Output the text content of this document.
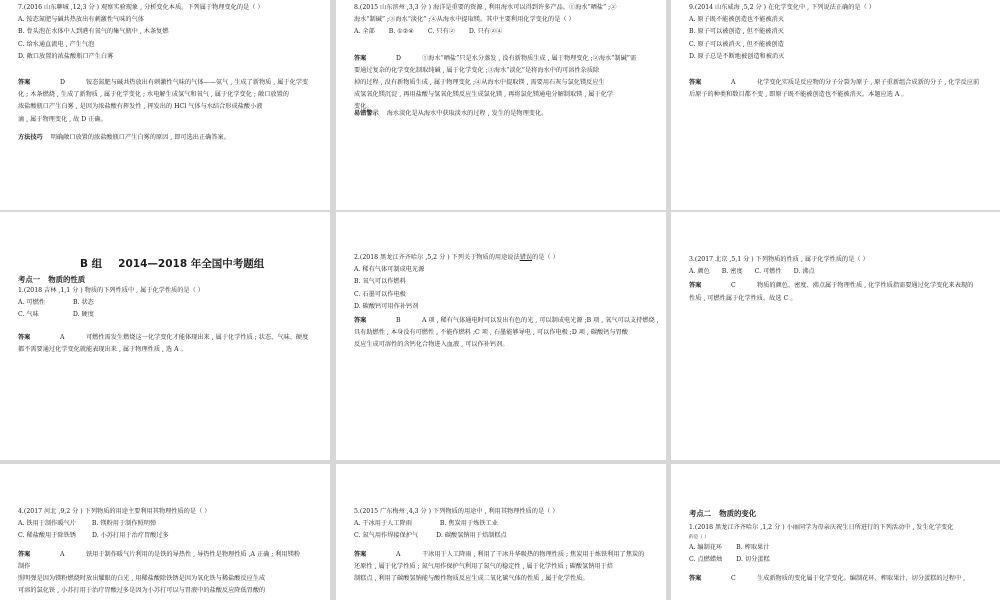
7.(2016 山东聊城 ,12,3 分 ) 观察实验现象 , 分析变化本质。下列属于物理变化的是（ ）
A. 铵态氮肥与碱共热放出有刺激性气味的气体
B. 骨头泡在水体中人到港有氧气的集气瓶中 , 木条复燃
C. 给水通直流电 , 产生气泡
D. 敞口放置的浓盐酸瓶口产生白雾
答案	D	铵态氮肥与碱共热放出有刺激性气味的气体——氨气 , 生成了新物质 , 属于化学变
化 ; 木条燃烧 , 生成了新物质 , 属于化学变化 ; 水电解生成氢气和氧气 , 属于化学变化 ; 敞口放置的
浓盐酸瓶口产生白雾 , 是因为浓盐酸有挥发性 , 挥发出的 HCl 气体与水结合形成盐酸小液
滴 , 属于物理变化 , 故 D 正确。
方法技巧 明确敞口放置的浓盐酸瓶口产生白雾的原因 , 即可选出正确答案。
8.(2015 山东滨州 ,3,3 分 ) 海洋是重要的资源 , 利用海水可以得到许多产品。①海水“晒盐” ;②
海水“制碱” ;③海水“淡化” ;④从海水中提取镁。其中主要利用化学变化的是（ ）
A. 全部 B. ①②④ C. 只有② D. 只有②④
答案	D	①海水“晒盐”只是水分蒸发 , 没有新物质生成 , 属于物理变化 ;②海水“制碱”需
要通过复杂的化学变化制取纯碱 , 属于化学变化 ;③海水“淡化”是将海水中的可溶性杂质除
掉的过程 , 没有新物质生成 , 属于物理变化 ;④从海水中提取镁 , 需要用石灰与氯化镁反应生
成氢氧化镁沉淀 , 再用盐酸与氢氧化镁反应生成氯化镁 , 再将氯化镁通电分解制取镁 , 属于化学
变化。
易错警示 海水淡化是从海水中获取淡水的过程 , 发生的是物理变化。
9.(2014 山东威海 ,5,2 分 ) 在化学变化中 , 下列说法正确的是（ ）
A. 原子既不能被创造也不能被消灭
B. 原子可以被创造 , 但不能被消灭
C. 原子可以被消灭 , 但不能被创造
D. 原子总是不断地被创造和被消灭
答案	A	化学变化实质是反应物的分子分裂为原子 , 原子重新组合成新的分子 , 化学反应前
后原子的种类和数目都不变 , 即原子既不能被创造也不能被消灭。本题应选 A 。
B 组 2014—2018 年全国中考题组
考点一 物质的性质
1.(2018 吉林 ,1,1 分 ) 物质的下列性质中 , 属于化学性质的是（ ）
A. 可燃性	B. 状态
C. 气味	D. 硬度
答案	A	可燃性需发生燃烧这一化学变化才能体现出来 , 属于化学性质 ; 状态、气味、硬度
都不需要通过化学变化就能表现出来 , 属于物理性质 , 选 A 。
2.(2018 黑龙江齐齐哈尔 ,5,2 分 ) 下列关于物质的用途说法错误的是（ ）
A. 稀有气体可制成电光源
B. 氧气可以作燃料
C. 石墨可以作电极
D. 碳酸钙可用作补钙剂
答案	B	A 项 , 稀有气体通电时可以发出有色的光 , 可以制成电光源 ;B 项 , 氧气可以支持燃烧 ,
具有助燃性 , 本身没有可燃性 , 不能作燃料 ;C 项 , 石墨能够导电 , 可以作电极 ;D 项 , 碳酸钙与胃酸
反应生成可溶性的含钙化合物进入血液 , 可以作补钙剂。
3.(2017 北京 ,5,1 分 ) 下列物质的性质 , 属于化学性质的是（ ）
A. 颜色 B. 密度 C. 可燃性 D. 沸点
答案	C	物质的颜色、密度、沸点属于物理性质 , 化学性质指需要通过化学变化来表现的
性质 , 可燃性属于化学性质。故选 C 。
4.(2017 河北 ,9,2 分 ) 下列物质的用途主要利用其物理性质的是（ ）
A. 铁用于制作暖气片	B. 镁粉用于制作照明弹
C. 稀盐酸用于除铁锈	D. 小苏打用于治疗胃酸过多
答案	A	铁用于制作暖气片利用的是铁的导热性 , 导热性是物理性质 ,A 正确 ; 利用镁粉
制作
照明弹是因为镁粉燃烧时放出耀眼的白光 , 用稀盐酸除铁锈是因为氧化铁与稀盐酸反应生成
可溶的氯化铁 , 小苏打用于治疗胃酸过多是因为小苏打可以与胃液中的盐酸反应降低胃酸的
5.(2015 广东梅州 ,4,3 分 ) 下列物质的用途中 , 利用其物理性质的是（ ）
A. 干冰用于人工降雨	B. 焦炭用于炼铁工业
C. 氮气用作焊接保护气	D. 碳酸氢钠用于焙制糕点
答案	A	干冰用于人工降雨 , 利用了干冰升华吸热的物理性质 ; 焦炭用于炼铁利用了焦炭的
还原性 , 属于化学性质 ; 氮气用作保护气利用了氮气的稳定性 , 属于化学性质 ; 碳酸氢钠用于焙
制糕点 , 利用了碳酸氢钠能与酸性物质反应生成二氧化碳气体的性质 , 属于化学性质。
考点二 物质的变化
1.(2018 黑龙江齐齐哈尔 ,1,2 分 ) 小丽同学为母亲庆祝生日所进行的下列活动中 , 发生化学变化
的是（ ）
A. 编制花环 B. 榨取果汁
C. 点燃蜡烛 D. 切分蛋糕
答案	C	生成新物质的变化属于化学变化。编制花环、榨取果汁、切分蛋糕的过程中 ,
